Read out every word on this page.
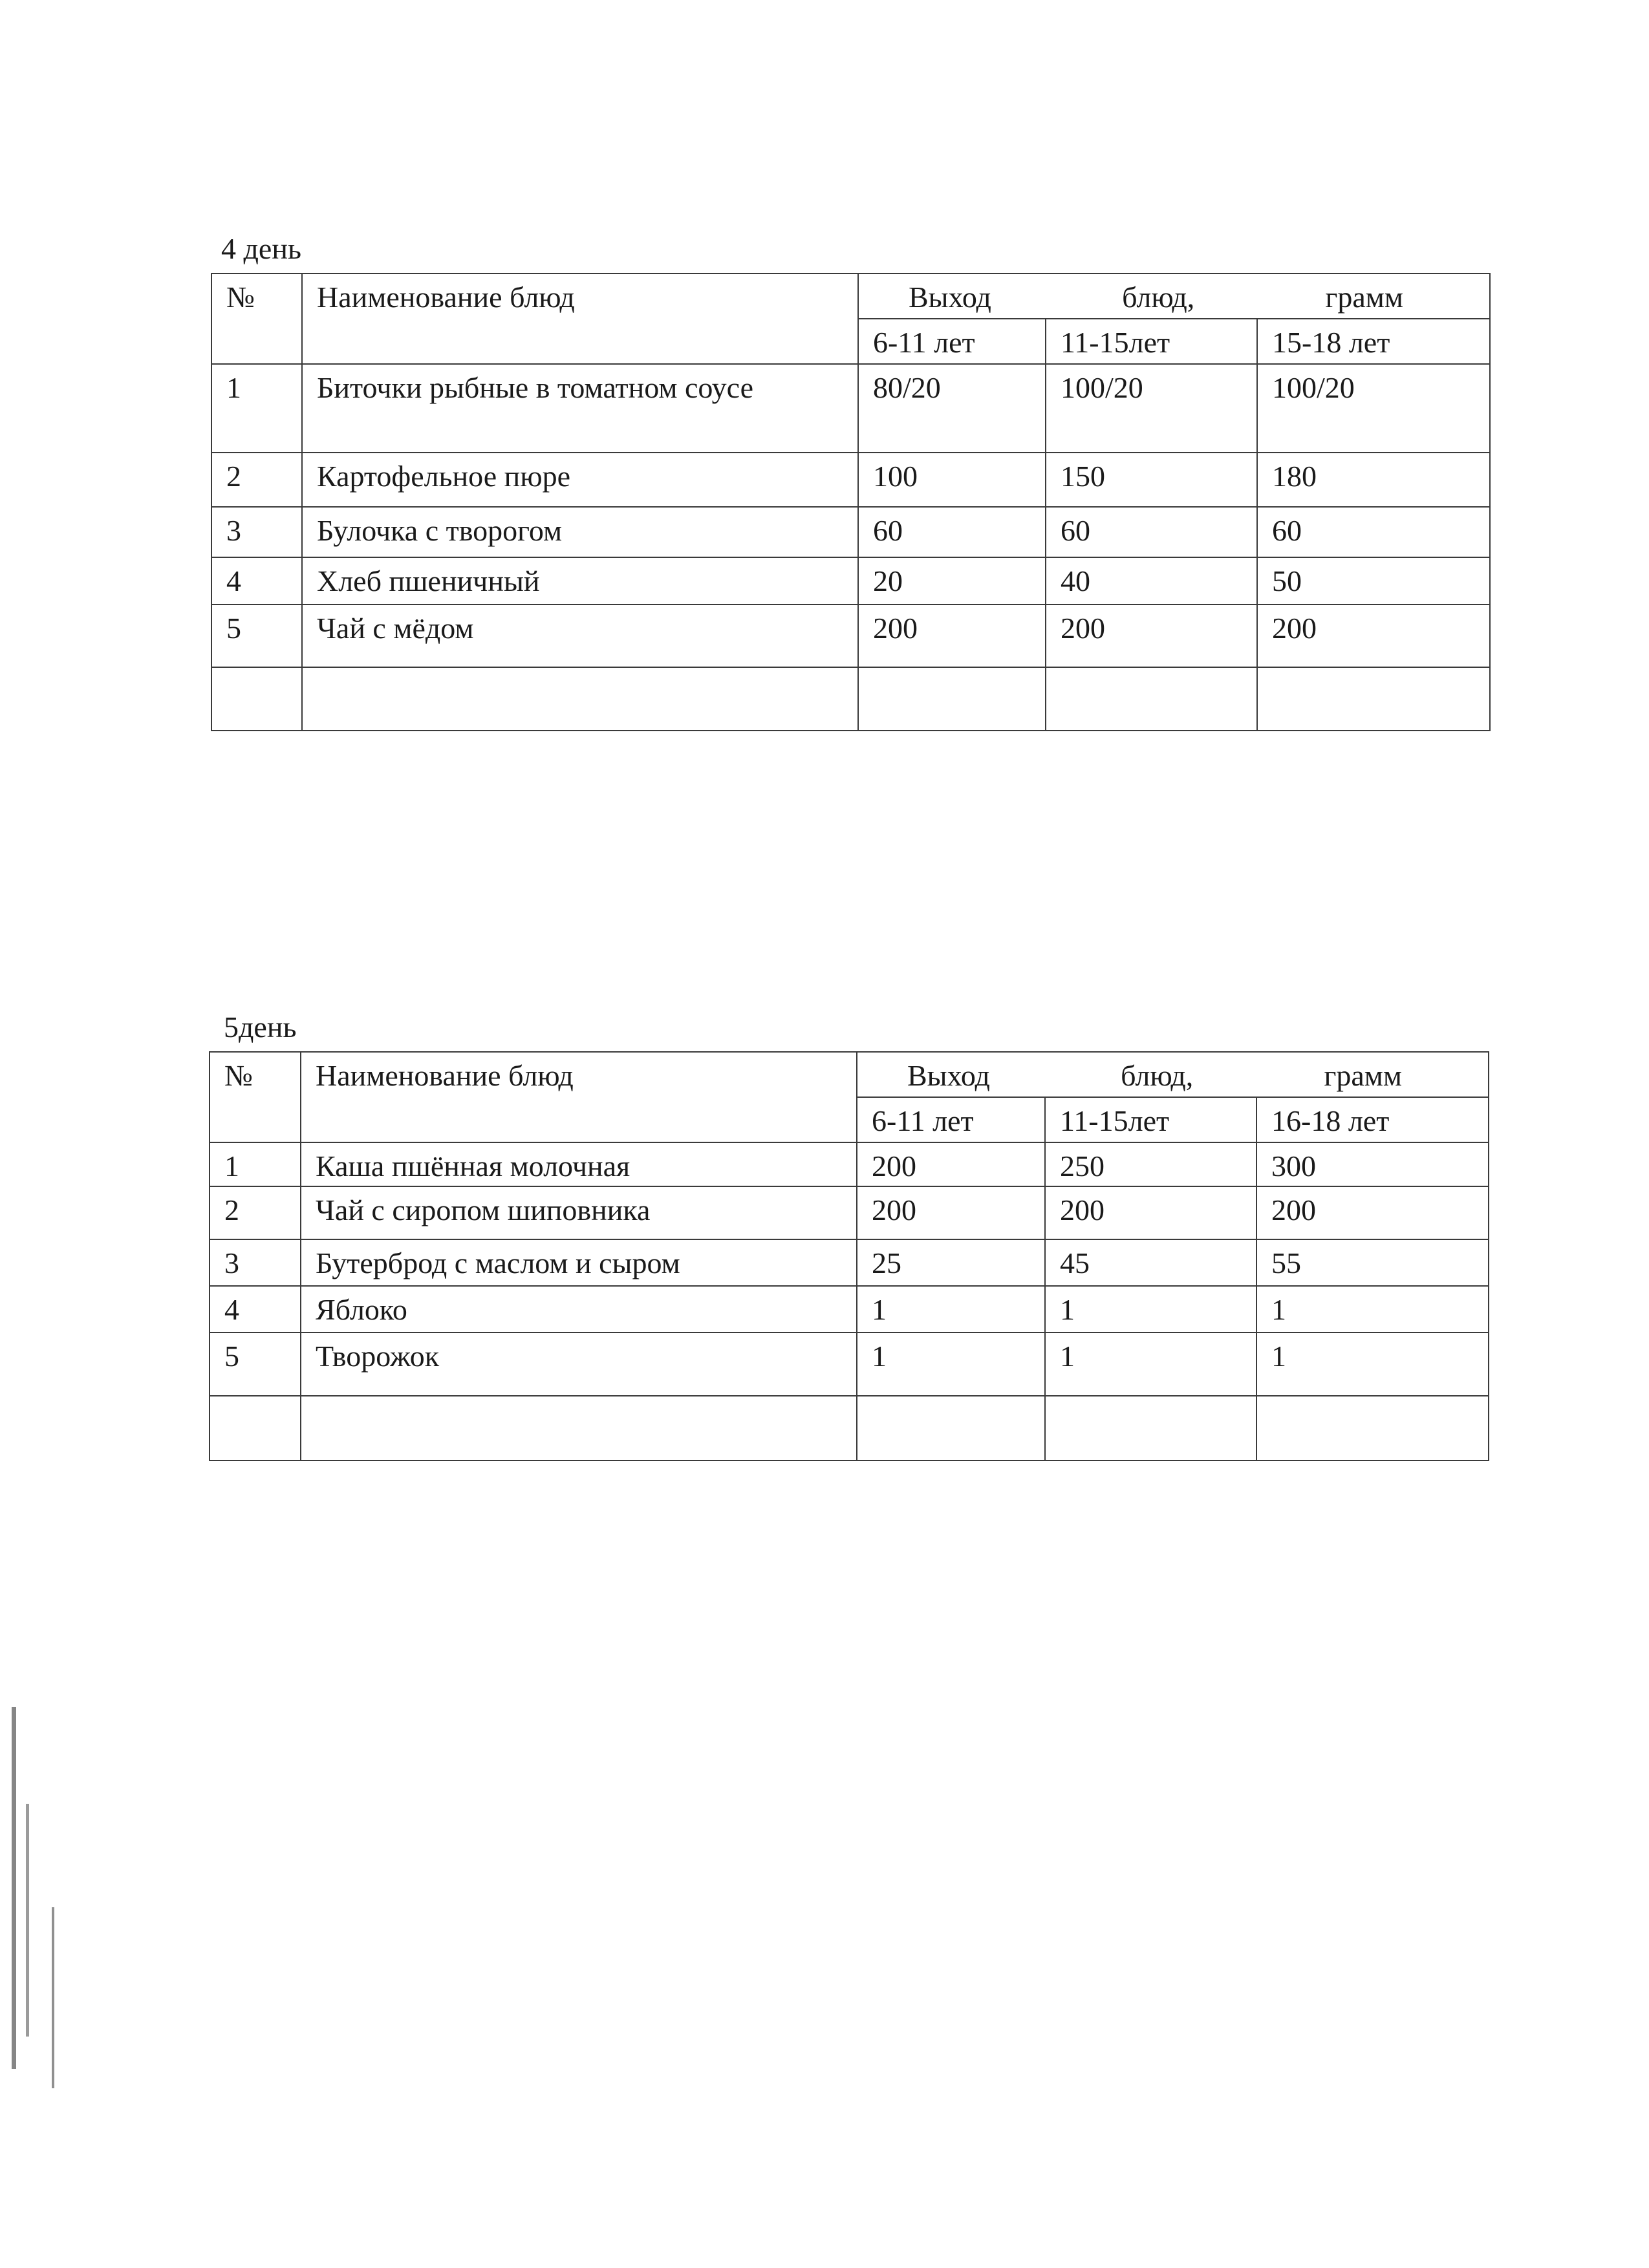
4 день
№	Наименование блюд	Выход блюд, грамм		

		6-11 лет	11-15лет	15-18 лет
1	Биточки рыбные в томатном соусе	80/20	100/20	100/20
2	Картофельное пюре	100	150	180
3	Булочка с творогом	60	60	60
4	Хлеб пшеничный	20	40	50
5	Чай с мёдом	200	200	200

5день
№	Наименование блюд	Выход блюд, грамм		

		6-11 лет	11-15лет	16-18 лет
1	Каша пшённая молочная	200	250	300
2	Чай с сиропом шиповника	200	200	200
3	Бутерброд с маслом и сыром	25	45	55
4	Яблоко	1	1	1
5	Творожок	1	1	1
